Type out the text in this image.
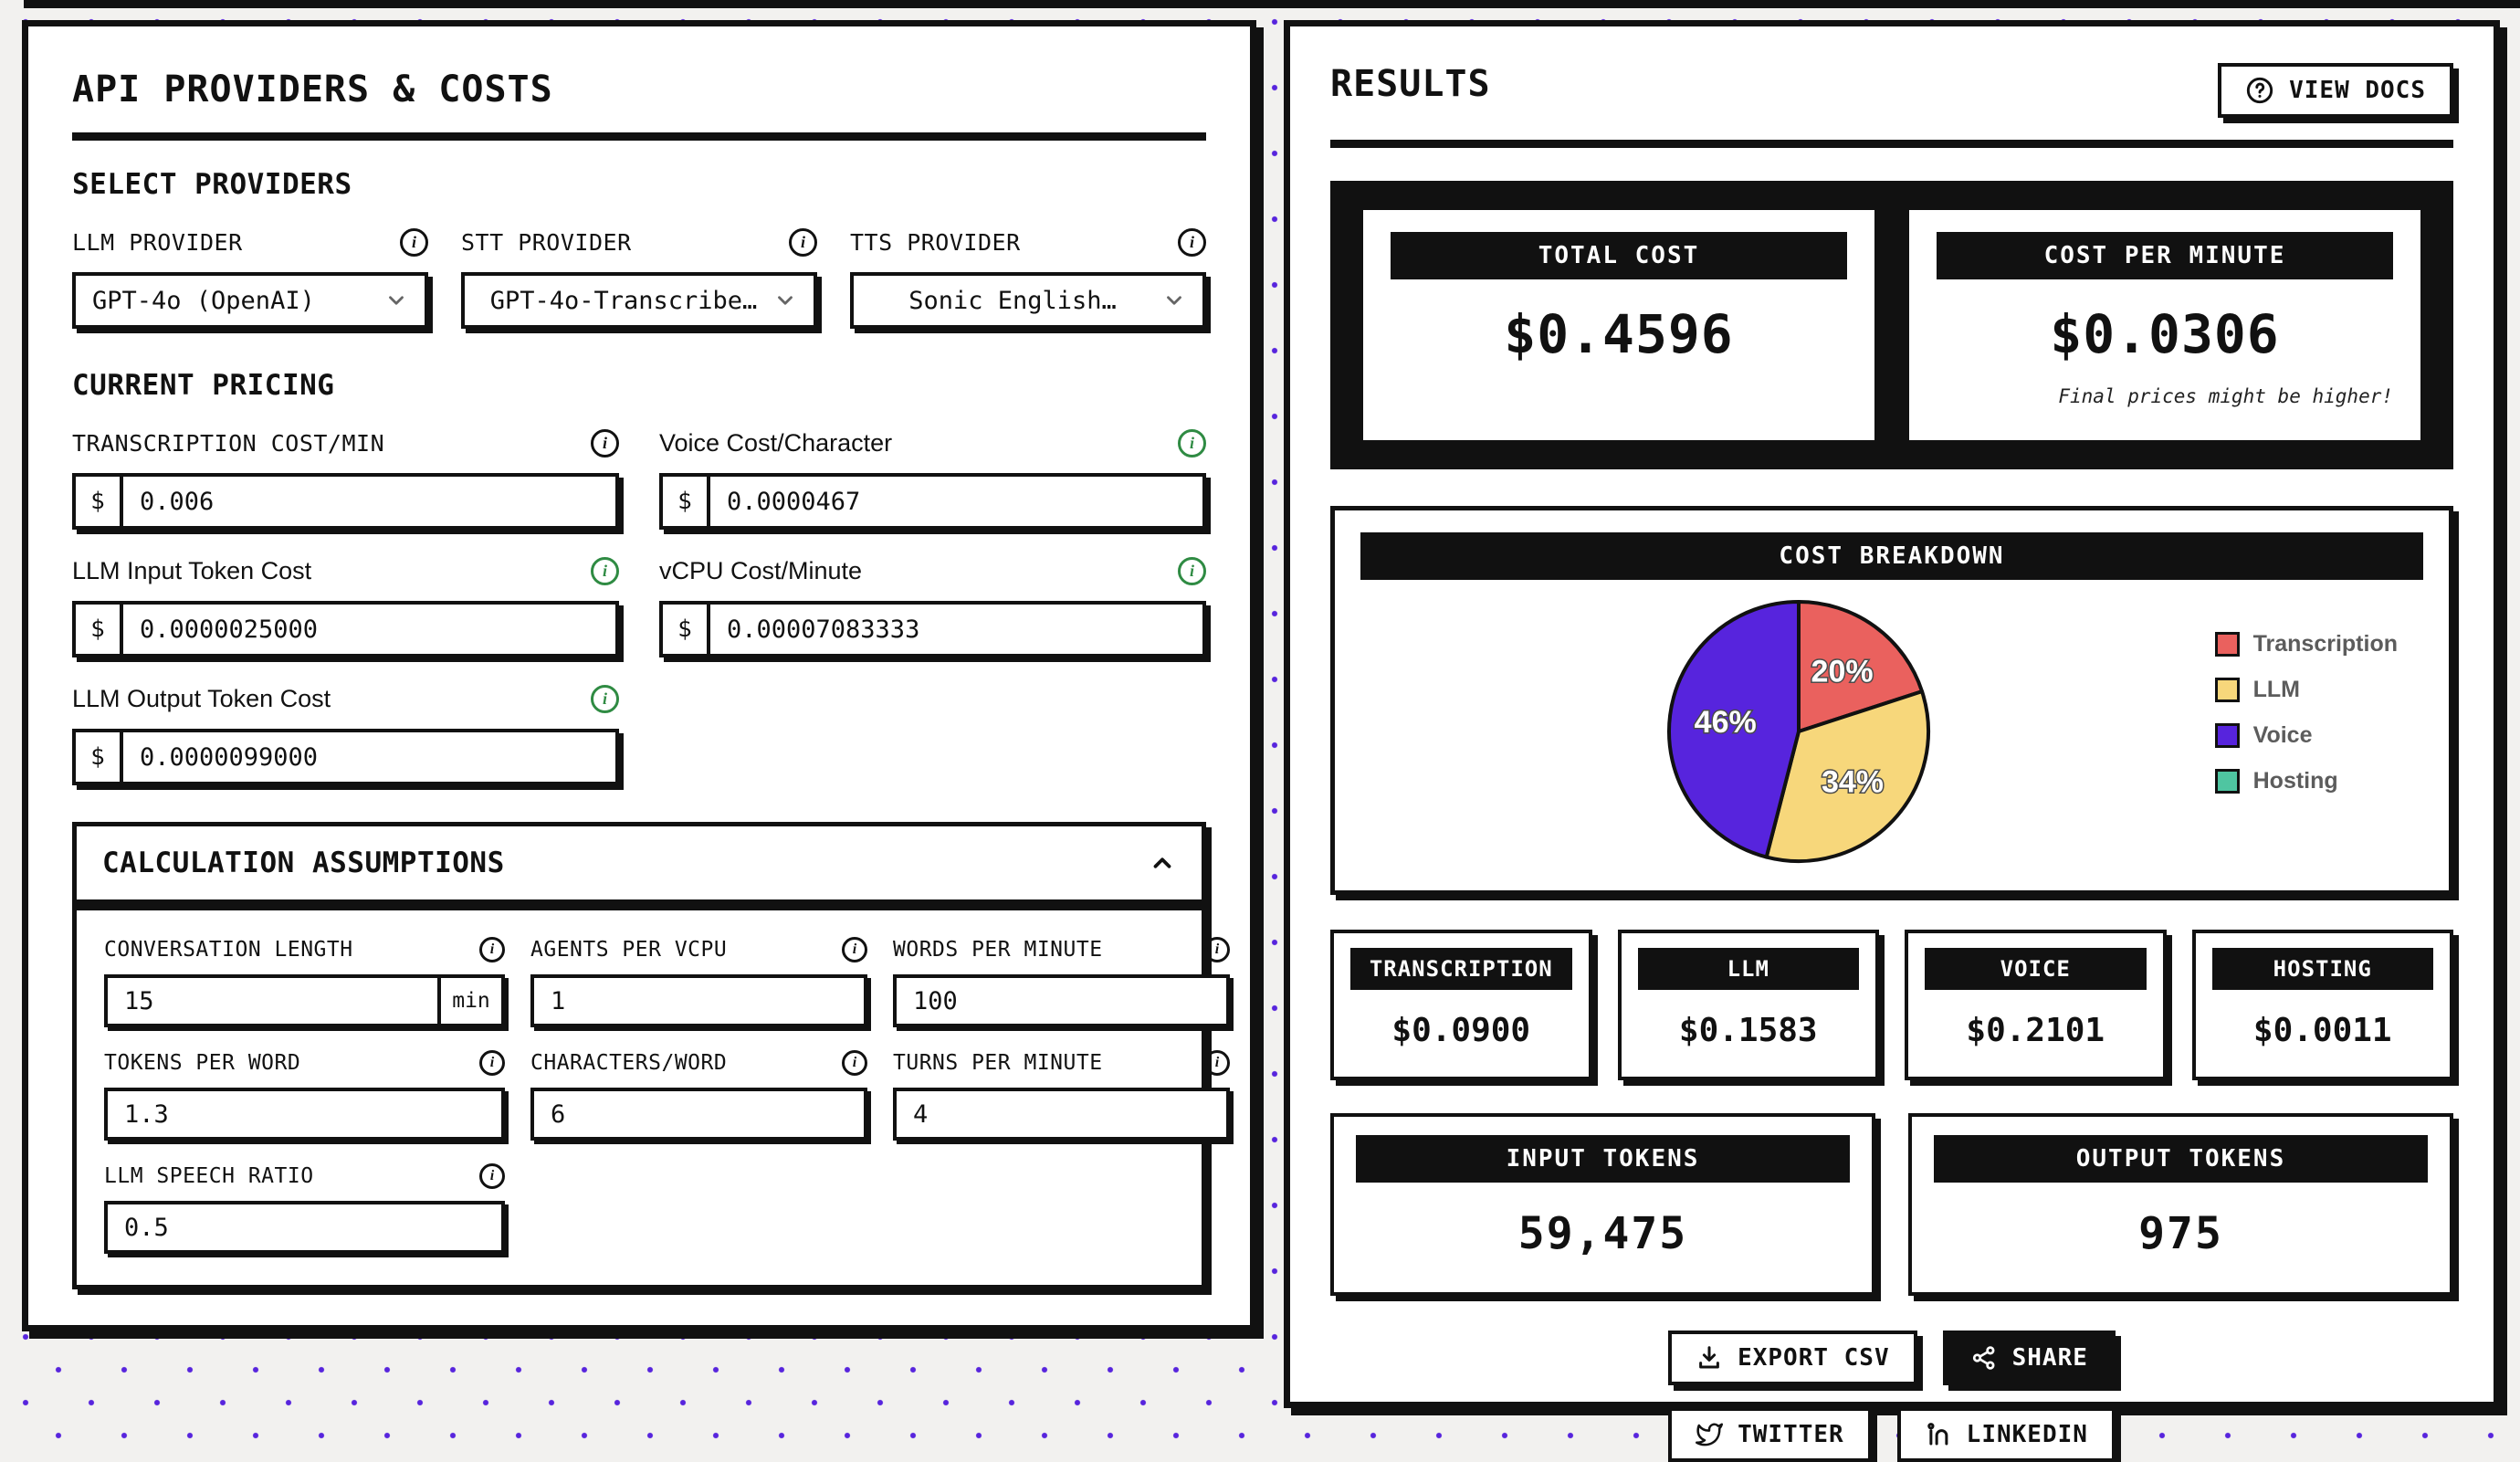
API PROVIDERS & COSTS
SELECT PROVIDERS
LLM PROVIDER	i
GPT-4o (OpenAI)
STT PROVIDER	i
GPT-4o-Transcribe…
TTS PROVIDER	i
Sonic English…
CURRENT PRICING
TRANSCRIPTION COST/MIN	i
$
0.006
Voice Cost/Character	i
$
0.0000467
LLM Input Token Cost	i
$
0.0000025000
vCPU Cost/Minute	i
$
0.00007083333
LLM Output Token Cost	i
$
0.0000099000
CALCULATION ASSUMPTIONS
CONVERSATION LENGTH	i
15
min
AGENTS PER VCPU	i
1	WORDS PER MINUTE	i
100
TOKENS PER WORD	i
1.3	CHARACTERS/WORD	i
6	TURNS PER MINUTE	i
4
LLM SPEECH RATIO	i
0.5
RESULTS	VIEW DOCS
TOTAL COST
$0.4596
COST PER MINUTE
$0.0306
Final prices might be higher!
COST BREAKDOWN
20%
34%
46%
Transcription
LLM
Voice
Hosting
TRANSCRIPTION
$0.0900
LLM
$0.1583
VOICE
$0.2101
HOSTING
$0.0011
INPUT TOKENS
59,475
OUTPUT TOKENS
975
EXPORT CSV	SHARE
TWITTER	LINKEDIN
